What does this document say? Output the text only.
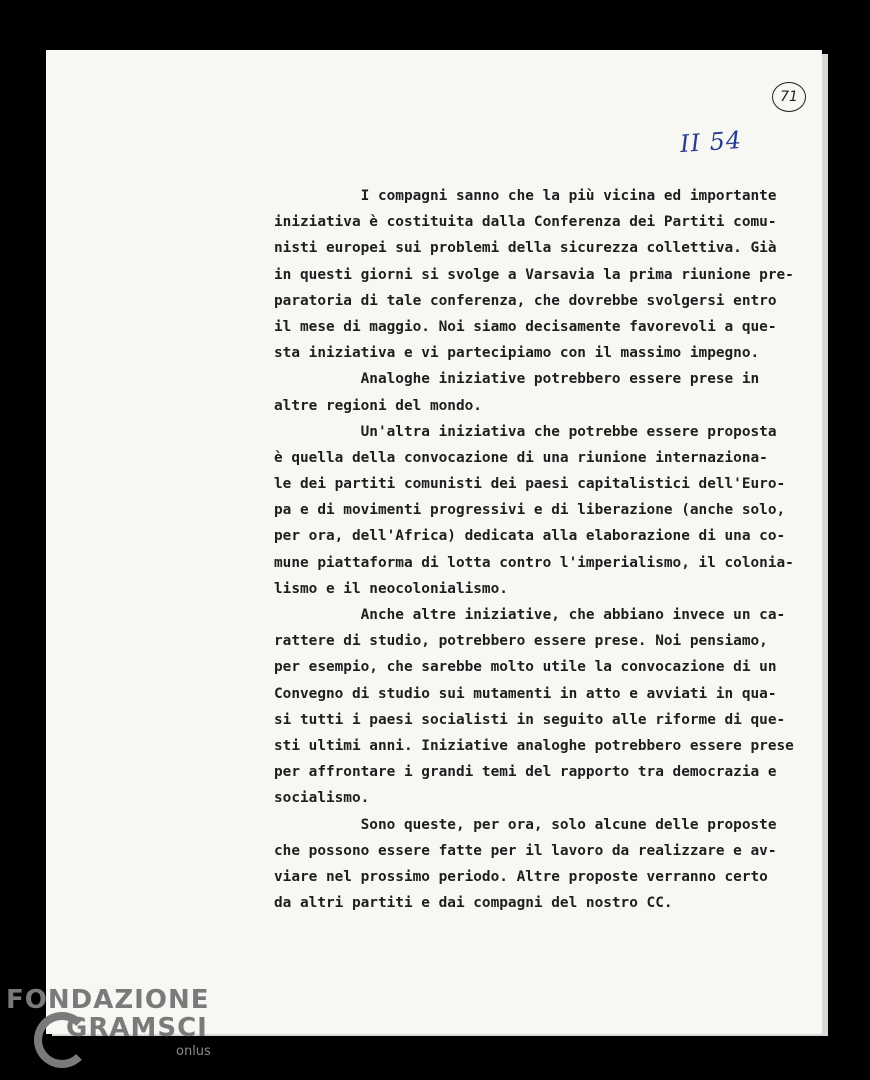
71
II 54
I compagni sanno che la più vicina ed importante
iniziativa è costituita dalla Conferenza dei Partiti comu-
nisti europei sui problemi della sicurezza collettiva. Già
in questi giorni si svolge a Varsavia la prima riunione pre-
paratoria di tale conferenza, che dovrebbe svolgersi entro
il mese di maggio. Noi siamo decisamente favorevoli a que-
sta iniziativa e vi partecipiamo con il massimo impegno.
Analoghe iniziative potrebbero essere prese in
altre regioni del mondo.
Un'altra iniziativa che potrebbe essere proposta
è quella della convocazione di una riunione internaziona-
le dei partiti comunisti dei paesi capitalistici dell'Euro-
pa e di movimenti progressivi e di liberazione (anche solo,
per ora, dell'Africa) dedicata alla elaborazione di una co-
mune piattaforma di lotta contro l'imperialismo, il colonia-
lismo e il neocolonialismo.
Anche altre iniziative, che abbiano invece un ca-
rattere di studio, potrebbero essere prese. Noi pensiamo,
per esempio, che sarebbe molto utile la convocazione di un
Convegno di studio sui mutamenti in atto e avviati in qua-
si tutti i paesi socialisti in seguito alle riforme di que-
sti ultimi anni. Iniziative analoghe potrebbero essere prese
per affrontare i grandi temi del rapporto tra democrazia e
socialismo.
Sono queste, per ora, solo alcune delle proposte
che possono essere fatte per il lavoro da realizzare e av-
viare nel prossimo periodo. Altre proposte verranno certo
da altri partiti e dai compagni del nostro CC.
FONDAZIONE
GRAMSCI
onlus
